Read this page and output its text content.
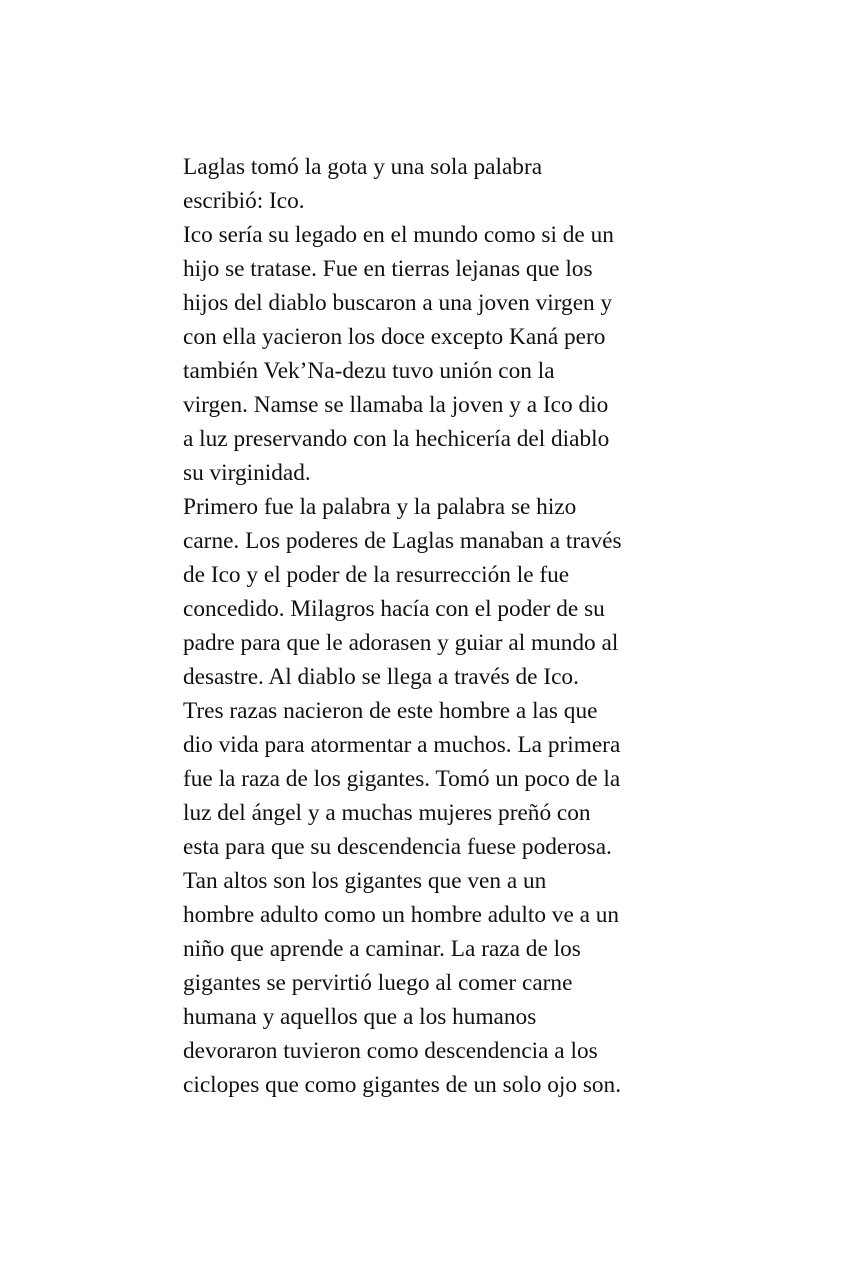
Laglas tomó la gota y una sola palabra
escribió: Ico.
Ico sería su legado en el mundo como si de un
hijo se tratase. Fue en tierras lejanas que los
hijos del diablo buscaron a una joven virgen y
con ella yacieron los doce excepto Kaná pero
también Vek’Na-dezu tuvo unión con la
virgen. Namse se llamaba la joven y a Ico dio
a luz preservando con la hechicería del diablo
su virginidad.
Primero fue la palabra y la palabra se hizo
carne. Los poderes de Laglas manaban a través
de Ico y el poder de la resurrección le fue
concedido. Milagros hacía con el poder de su
padre para que le adorasen y guiar al mundo al
desastre. Al diablo se llega a través de Ico.
Tres razas nacieron de este hombre a las que
dio vida para atormentar a muchos. La primera
fue la raza de los gigantes. Tomó un poco de la
luz del ángel y a muchas mujeres preñó con
esta para que su descendencia fuese poderosa.
Tan altos son los gigantes que ven a un
hombre adulto como un hombre adulto ve a un
niño que aprende a caminar. La raza de los
gigantes se pervirtió luego al comer carne
humana y aquellos que a los humanos
devoraron tuvieron como descendencia a los
ciclopes que como gigantes de un solo ojo son.
